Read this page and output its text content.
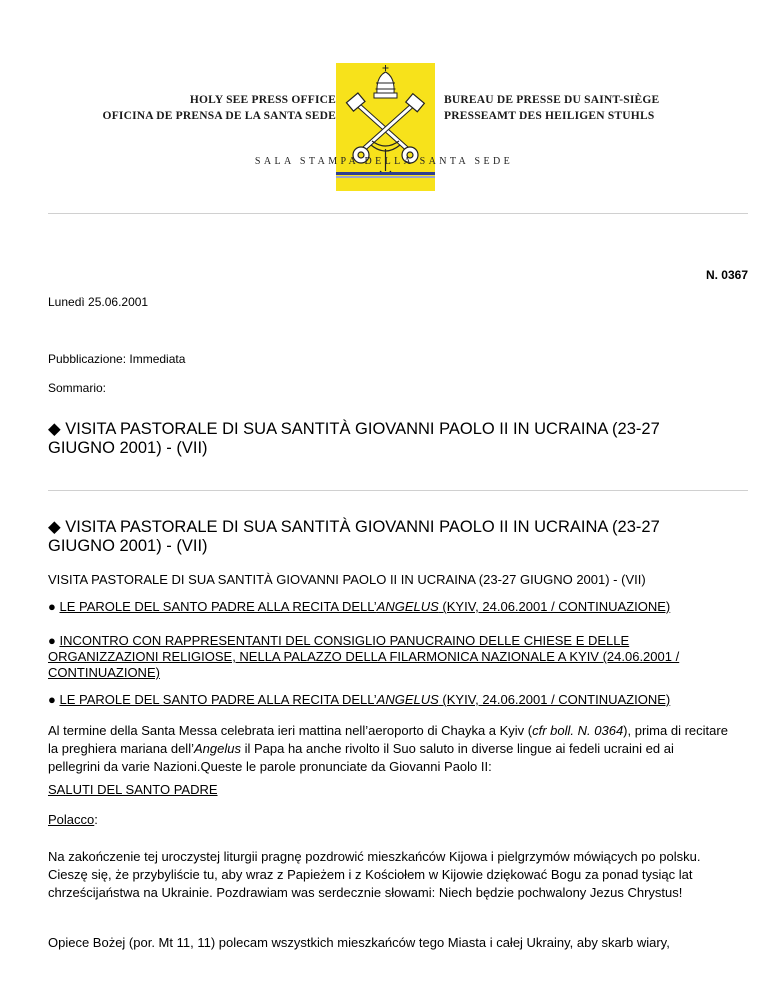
HOLY SEE PRESS OFFICE
OFICINA DE PRENSA DE LA SANTA SEDE
BUREAU DE PRESSE DU SAINT-SIÈGE
PRESSEAMT DES HEILIGEN STUHLS
SALA STAMPA DELLA SANTA SEDE
N. 0367
Lunedì 25.06.2001
Pubblicazione: Immediata
Sommario:
◆ VISITA PASTORALE DI SUA SANTITÀ GIOVANNI PAOLO II IN UCRAINA (23-27 GIUGNO 2001) - (VII)
◆ VISITA PASTORALE DI SUA SANTITÀ GIOVANNI PAOLO II IN UCRAINA (23-27 GIUGNO 2001) - (VII)
VISITA PASTORALE DI SUA SANTITÀ GIOVANNI PAOLO II IN UCRAINA (23-27 GIUGNO 2001) - (VII)
● LE PAROLE DEL SANTO PADRE ALLA RECITA DELL’ANGELUS (KYIV, 24.06.2001 / CONTINUAZIONE)
● INCONTRO CON RAPPRESENTANTI DEL CONSIGLIO PANUCRAINO DELLE CHIESE E DELLE ORGANIZZAZIONI RELIGIOSE, NELLA PALAZZO DELLA FILARMONICA NAZIONALE A KYIV (24.06.2001 / CONTINUAZIONE)
● LE PAROLE DEL SANTO PADRE ALLA RECITA DELL’ANGELUS (KYIV, 24.06.2001 / CONTINUAZIONE)
Al termine della Santa Messa celebrata ieri mattina nell’aeroporto di Chayka a Kyiv (cfr boll. N. 0364), prima di recitare la preghiera mariana dell’Angelus il Papa ha anche rivolto il Suo saluto in diverse lingue ai fedeli ucraini ed ai pellegrini da varie Nazioni.Queste le parole pronunciate da Giovanni Paolo II:
SALUTI DEL SANTO PADRE
Polacco:
Na zakończenie tej uroczystej liturgii pragnę pozdrowić mieszkańców Kijowa i pielgrzymów mówiących po polsku. Cieszę się, że przybyliście tu, aby wraz z Papieżem i z Kościołem w Kijowie dziękować Bogu za ponad tysiąc lat chrześcijaństwa na Ukrainie. Pozdrawiam was serdecznie słowami: Niech będzie pochwalony Jezus Chrystus!
Opiece Bożej (por. Mt 11, 11) polecam wszystkich mieszkańców tego Miasta i całej Ukrainy, aby skarb wiary,
